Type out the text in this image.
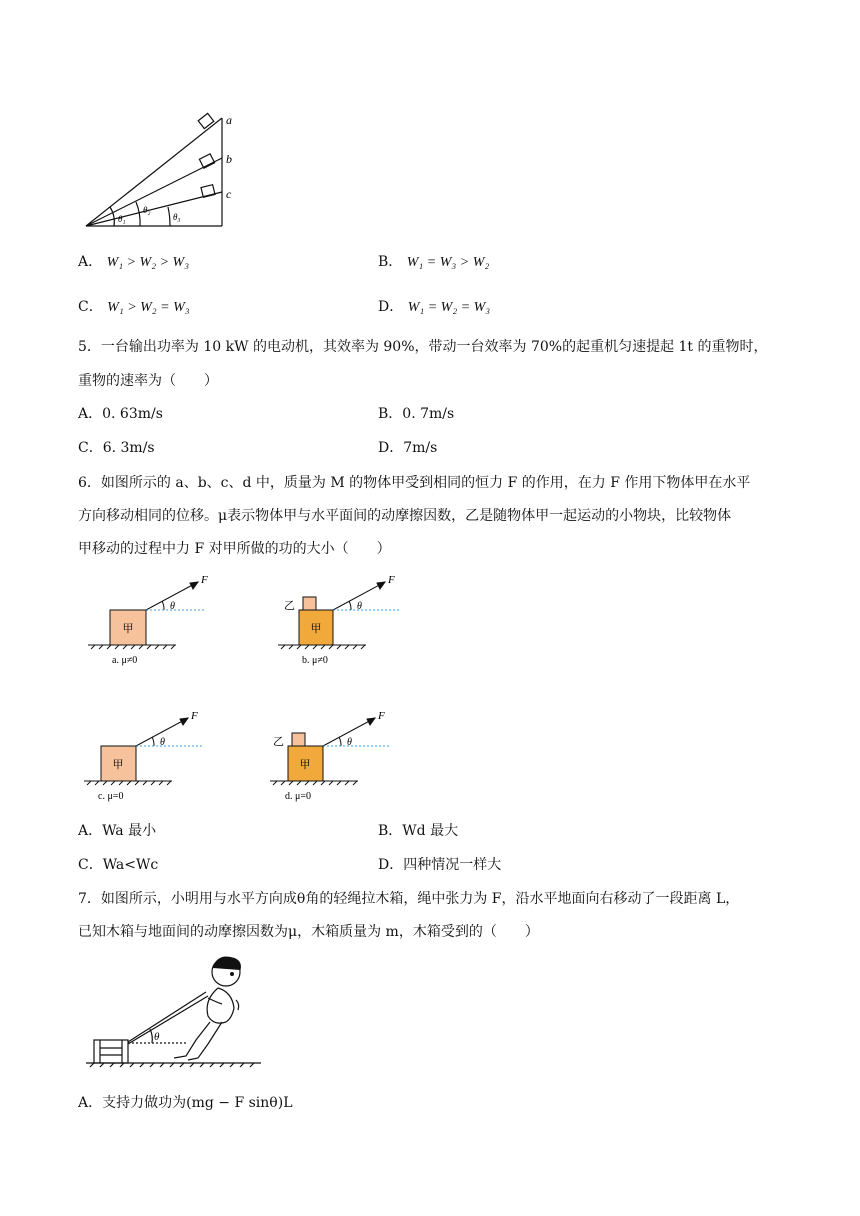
a
b
c
θ₁
θ₂
θ₃
A． W₁ > W₂ > W₃	B． W₁ = W₃ > W₂
C． W₁ > W₂ = W₃	D． W₁ = W₂ = W₃
5．一台输出功率为 10 kW 的电动机，其效率为 90%，带动一台效率为 70%的起重机匀速提起 1t 的重物时，
重物的速率为（　　）
A．0. 63m/s	B．0. 7m/s
C．6. 3m/s	D．7m/s
6．如图所示的 a、b、c、d 中，质量为 M 的物体甲受到相同的恒力 F 的作用，在力 F 作用下物体甲在水平
方向移动相同的位移。μ表示物体甲与水平面间的动摩擦因数，乙是随物体甲一起运动的小物块，比较物体
甲移动的过程中力 F 对甲所做的功的大小（　　）
甲
F
θ
a. μ≠0
乙
甲
F
θ
b. μ≠0
甲
F
θ
c. μ=0
乙
甲
F
θ
d. μ=0
A．Wa 最小	B．Wd 最大
C．Wa<Wc	D．四种情况一样大
7．如图所示，小明用与水平方向成θ角的轻绳拉木箱，绳中张力为 F，沿水平地面向右移动了一段距离 L，
已知木箱与地面间的动摩擦因数为μ，木箱质量为 m，木箱受到的（　　）
θ
A．支持力做功为(mg − F sinθ)L
